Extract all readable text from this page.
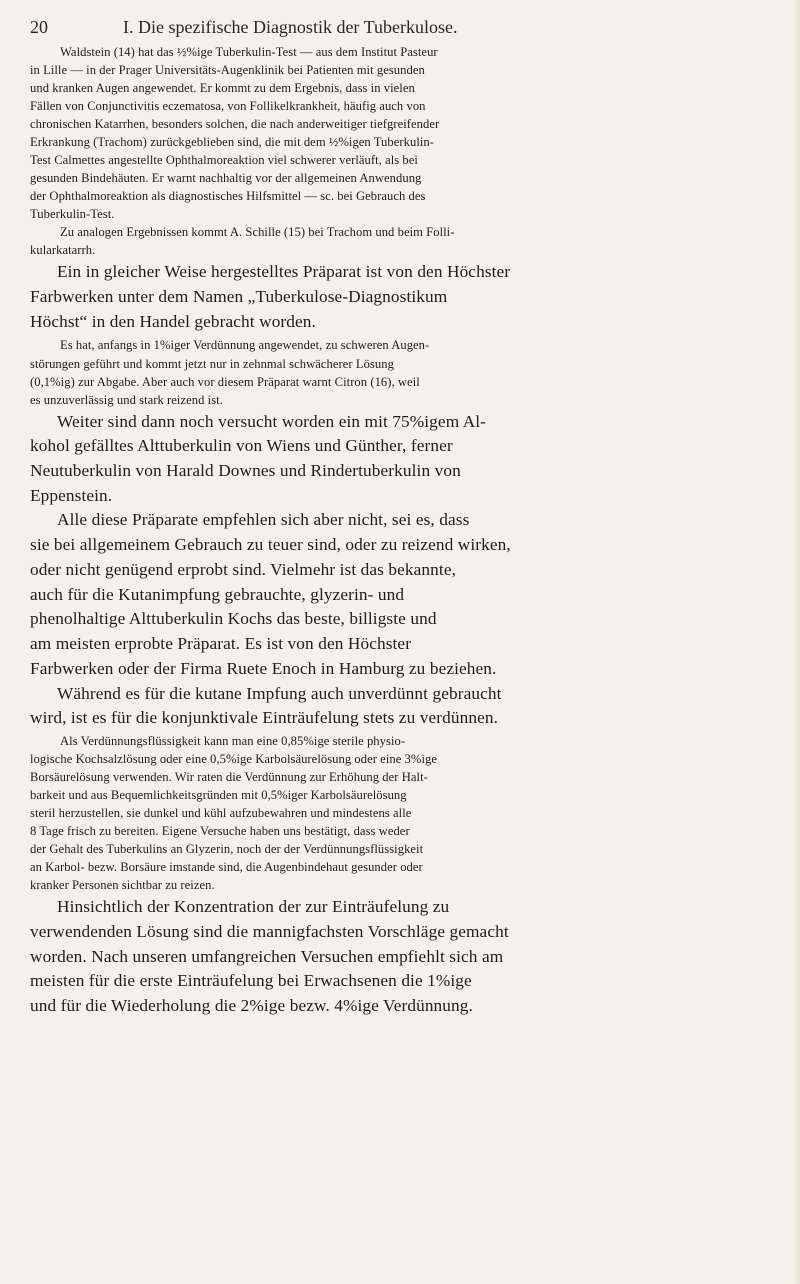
20	I. Die spezifische Diagnostik der Tuberkulose.
Waldstein (14) hat das ½%ige Tuberkulin-Test — aus dem Institut Pasteur
in Lille — in der Prager Universitäts-Augenklinik bei Patienten mit gesunden
und kranken Augen angewendet. Er kommt zu dem Ergebnis, dass in vielen
Fällen von Conjunctivitis eczematosa, von Follikelkrankheit, häufig auch von
chronischen Katarrhen, besonders solchen, die nach anderweitiger tiefgreifender
Erkrankung (Trachom) zurückgeblieben sind, die mit dem ½%igen Tuberkulin-
Test Calmettes angestellte Ophthalmoreaktion viel schwerer verläuft, als bei
gesunden Bindehäuten. Er warnt nachhaltig vor der allgemeinen Anwendung
der Ophthalmoreaktion als diagnostisches Hilfsmittel — sc. bei Gebrauch des
Tuberkulin-Test.
Zu analogen Ergebnissen kommt A. Schille (15) bei Trachom und beim Folli-
kularkatarrh.
Ein in gleicher Weise hergestelltes Präparat ist von den Höchster
Farbwerken unter dem Namen „Tuberkulose-Diagnostikum
Höchst“ in den Handel gebracht worden.
Es hat, anfangs in 1%iger Verdünnung angewendet, zu schweren Augen-
störungen geführt und kommt jetzt nur in zehnmal schwächerer Lösung
(0,1%ig) zur Abgabe. Aber auch vor diesem Präparat warnt Citron (16), weil
es unzuverlässig und stark reizend ist.
Weiter sind dann noch versucht worden ein mit 75%igem Al-
kohol gefälltes Alttuberkulin von Wiens und Günther, ferner
Neutuberkulin von Harald Downes und Rindertuberkulin von
Eppenstein.
Alle diese Präparate empfehlen sich aber nicht, sei es, dass
sie bei allgemeinem Gebrauch zu teuer sind, oder zu reizend wirken,
oder nicht genügend erprobt sind. Vielmehr ist das bekannte,
auch für die Kutanimpfung gebrauchte, glyzerin- und
phenolhaltige Alttuberkulin Kochs das beste, billigste und
am meisten erprobte Präparat. Es ist von den Höchster
Farbwerken oder der Firma Ruete Enoch in Hamburg zu beziehen.
Während es für die kutane Impfung auch unverdünnt gebraucht
wird, ist es für die konjunktivale Einträufelung stets zu verdünnen.
Als Verdünnungsflüssigkeit kann man eine 0,85%ige sterile physio-
logische Kochsalzlösung oder eine 0,5%ige Karbolsäurelösung oder eine 3%ige
Borsäurelösung verwenden. Wir raten die Verdünnung zur Erhöhung der Halt-
barkeit und aus Bequemlichkeitsgründen mit 0,5%iger Karbolsäurelösung
steril herzustellen, sie dunkel und kühl aufzubewahren und mindestens alle
8 Tage frisch zu bereiten. Eigene Versuche haben uns bestätigt, dass weder
der Gehalt des Tuberkulins an Glyzerin, noch der der Verdünnungsflüssigkeit
an Karbol- bezw. Borsäure imstande sind, die Augenbindehaut gesunder oder
kranker Personen sichtbar zu reizen.
Hinsichtlich der Konzentration der zur Einträufelung zu
verwendenden Lösung sind die mannigfachsten Vorschläge gemacht
worden. Nach unseren umfangreichen Versuchen empfiehlt sich am
meisten für die erste Einträufelung bei Erwachsenen die 1%ige
und für die Wiederholung die 2%ige bezw. 4%ige Verdünnung.
